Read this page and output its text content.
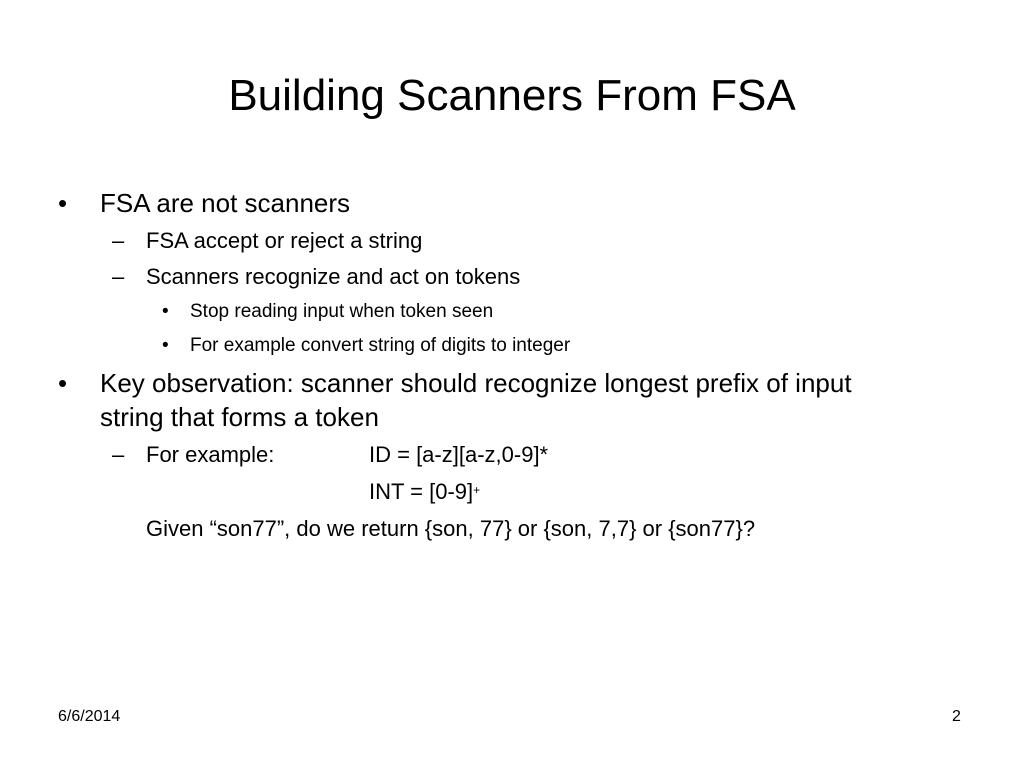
Building Scanners From FSA
• FSA are not scanners
– FSA accept or reject a string
– Scanners recognize and act on tokens
• Stop reading input when token seen
• For example convert string of digits to integer
• Key observation: scanner should recognize longest prefix of input
string that forms a token
– For example:	ID = [a-z][a-z,0-9]*
INT = [0-9]+
Given “son77”, do we return {son, 77} or {son, 7,7} or {son77}?
6/6/2014	2
